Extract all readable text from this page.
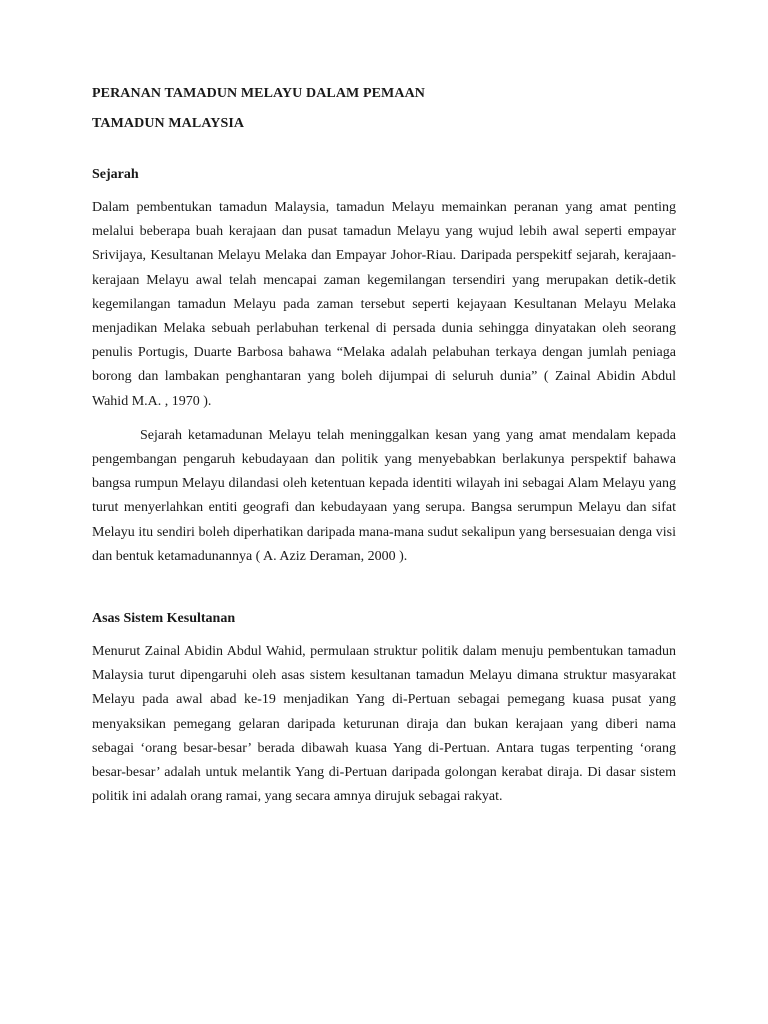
PERANAN TAMADUN MELAYU DALAM PEMAAN

TAMADUN MALAYSIA

Sejarah

Dalam pembentukan tamadun Malaysia, tamadun Melayu memainkan peranan yang amat penting melalui beberapa buah kerajaan dan pusat tamadun Melayu yang wujud lebih awal seperti empayar Srivijaya, Kesultanan Melayu Melaka dan Empayar Johor-Riau. Daripada perspekitf sejarah, kerajaan-kerajaan Melayu awal telah mencapai zaman kegemilangan tersendiri yang merupakan detik-detik kegemilangan tamadun Melayu pada zaman tersebut seperti kejayaan Kesultanan Melayu Melaka menjadikan Melaka sebuah perlabuhan terkenal di persada dunia sehingga dinyatakan oleh seorang penulis Portugis, Duarte Barbosa bahawa “Melaka adalah pelabuhan terkaya dengan jumlah peniaga borong dan lambakan penghantaran yang boleh dijumpai di seluruh dunia” ( Zainal Abidin Abdul Wahid M.A. , 1970 ).

Sejarah ketamadunan Melayu telah meninggalkan kesan yang yang amat mendalam kepada pengembangan pengaruh kebudayaan dan politik yang menyebabkan berlakunya perspektif bahawa bangsa rumpun Melayu dilandasi oleh ketentuan kepada identiti wilayah ini sebagai Alam Melayu yang turut menyerlahkan entiti geografi dan kebudayaan yang serupa. Bangsa serumpun Melayu dan sifat Melayu itu sendiri boleh diperhatikan daripada mana-mana sudut sekalipun yang bersesuaian denga visi dan bentuk ketamadunannya ( A. Aziz Deraman, 2000 ).

Asas Sistem Kesultanan

Menurut Zainal Abidin Abdul Wahid, permulaan struktur politik dalam menuju pembentukan tamadun Malaysia turut dipengaruhi oleh asas sistem kesultanan tamadun Melayu dimana struktur masyarakat Melayu pada awal abad ke-19 menjadikan Yang di-Pertuan sebagai pemegang kuasa pusat yang menyaksikan pemegang gelaran daripada keturunan diraja dan bukan kerajaan yang diberi nama sebagai ‘orang besar-besar’ berada dibawah kuasa Yang di-Pertuan. Antara tugas terpenting ‘orang besar-besar’ adalah untuk melantik Yang di-Pertuan daripada golongan kerabat diraja. Di dasar sistem politik ini adalah orang ramai, yang secara amnya dirujuk sebagai rakyat.
